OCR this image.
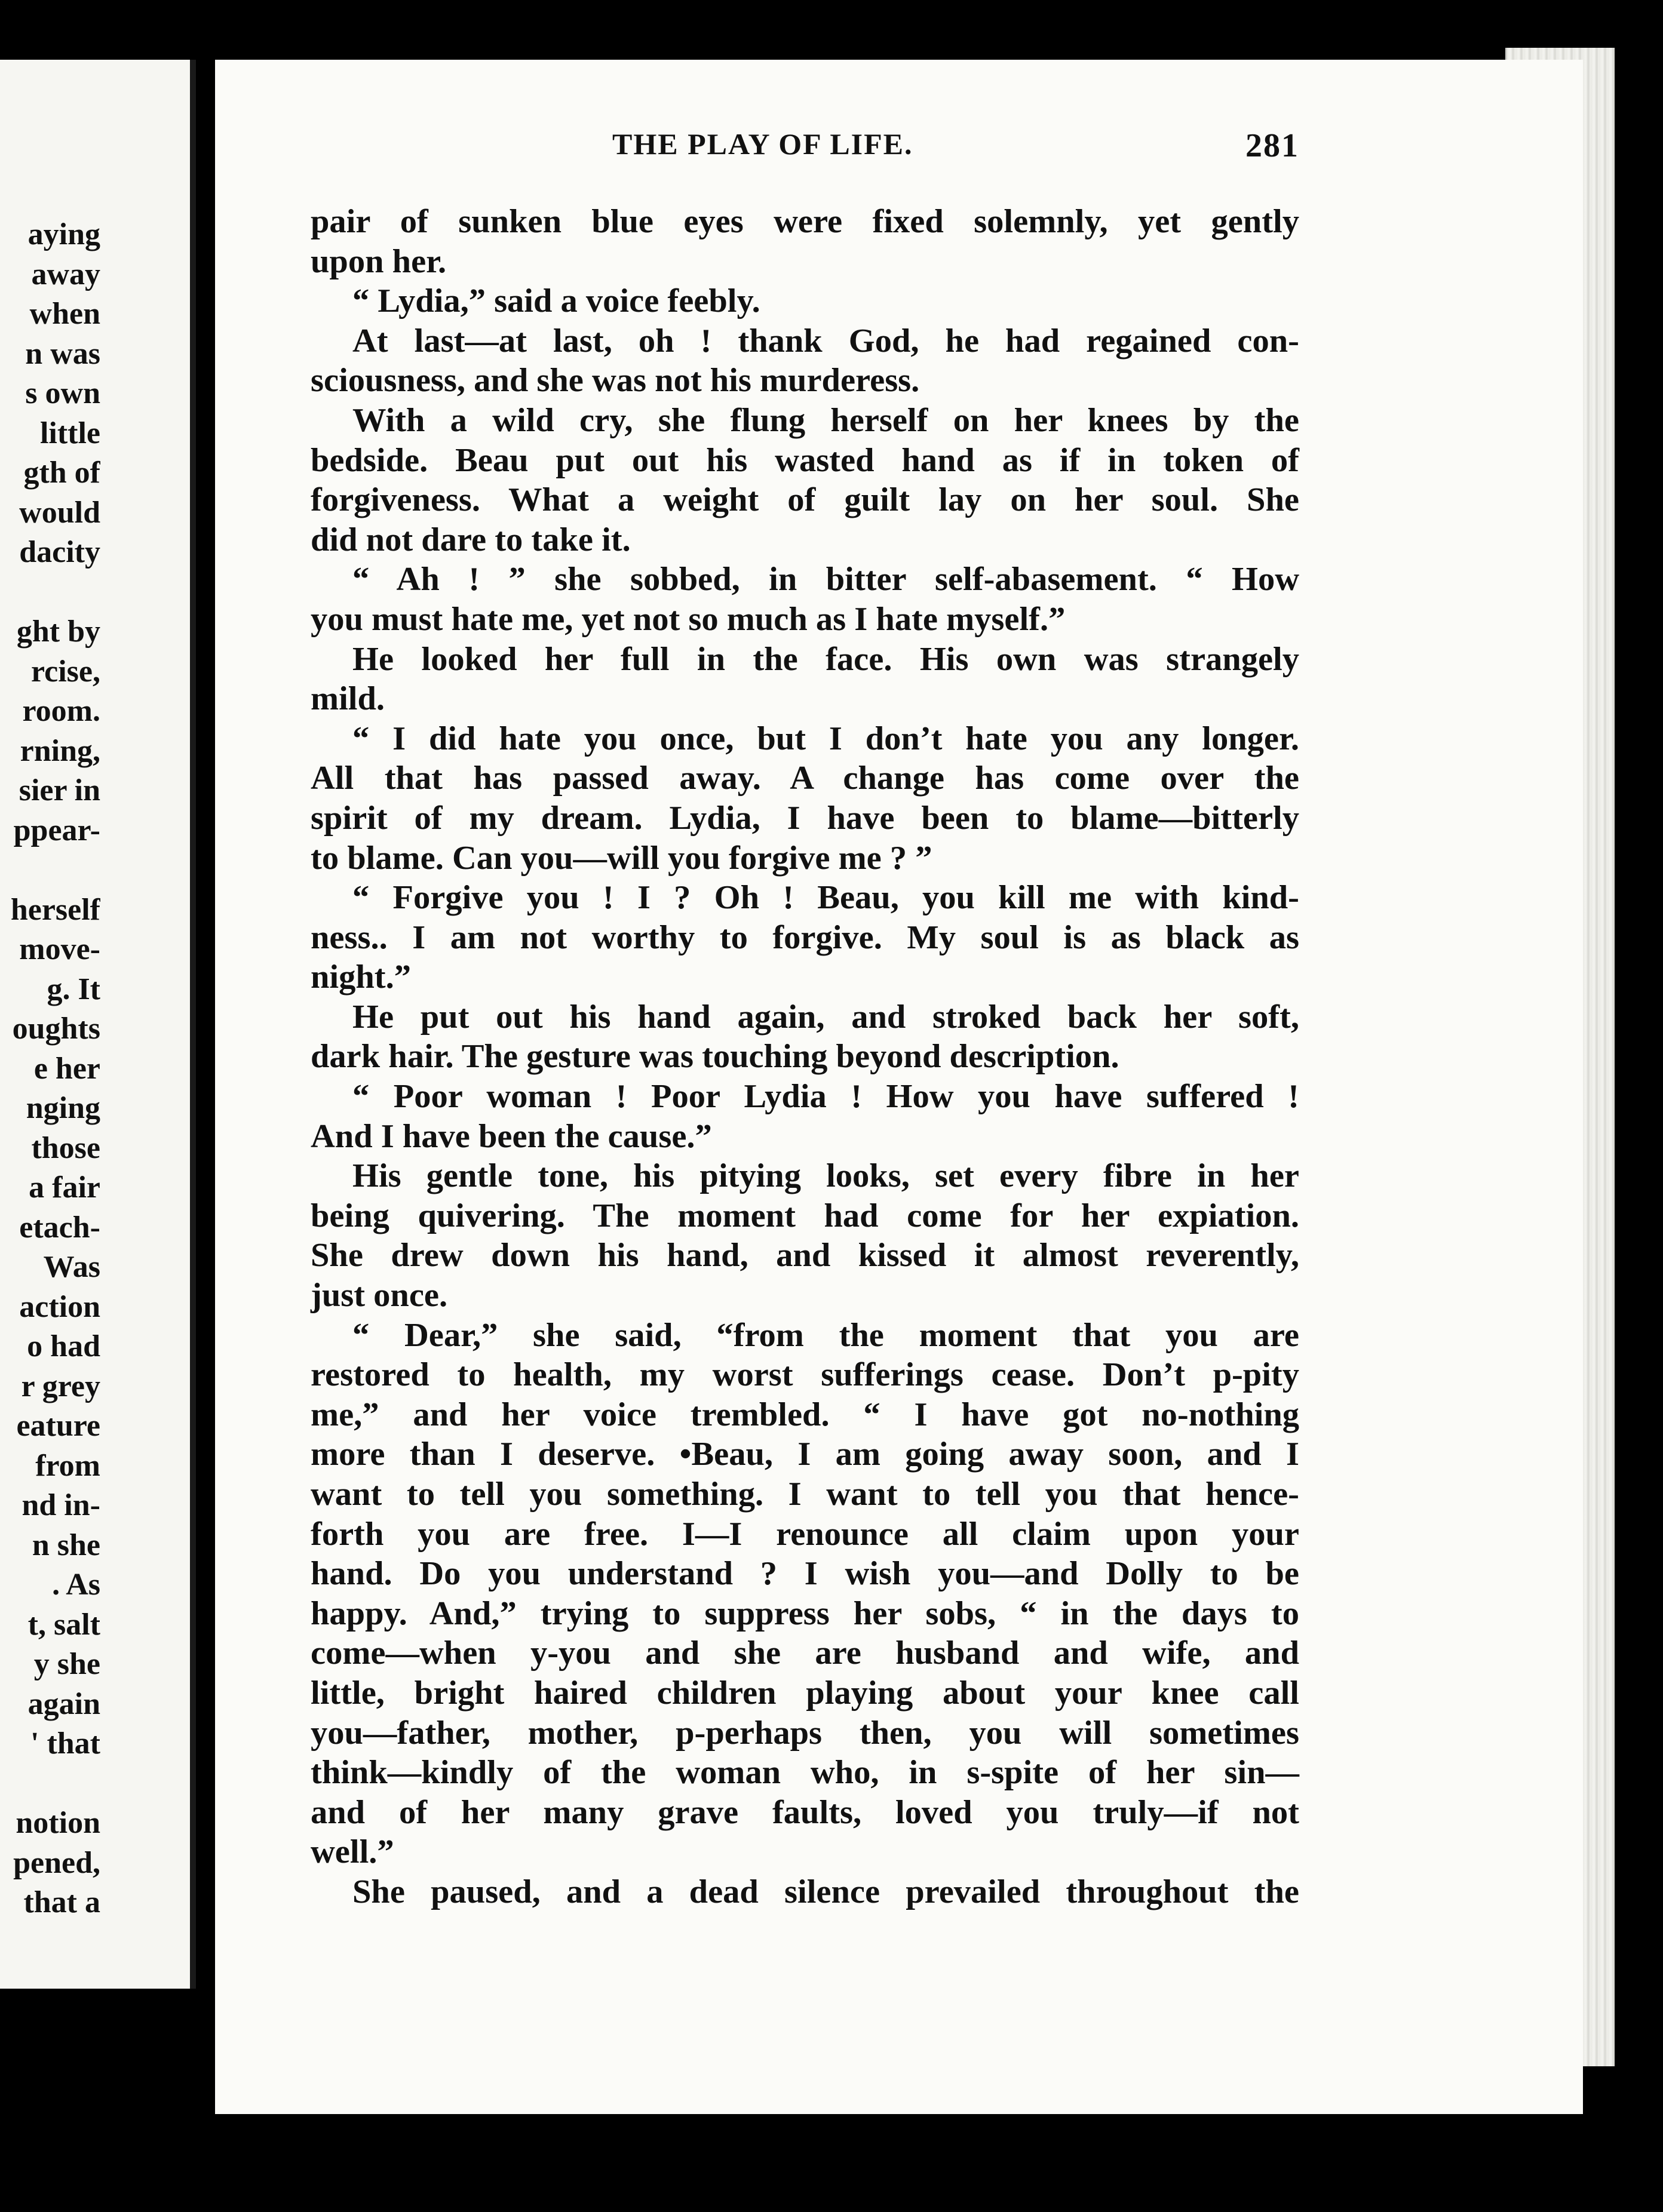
aying
away
when
n was
s own
little
gth of
would
dacity

ght by
rcise,
room.
rning,
sier in
ppear-

herself
move-
g. It
oughts
e her
nging
those
a fair
etach-
Was
action
o had
r grey
eature
from
nd in-
n she
. As
t, salt
y she
again
' that

notion
pened,
that a
THE PLAY OF LIFE.	281
pair of sunken blue eyes were fixed solemnly, yet gently
upon her.
“ Lydia,” said a voice feebly.
At last—at last, oh ! thank God, he had regained con-
sciousness, and she was not his murderess.
With a wild cry, she flung herself on her knees by the
bedside. Beau put out his wasted hand as if in token of
forgiveness. What a weight of guilt lay on her soul. She
did not dare to take it.
“ Ah ! ” she sobbed, in bitter self-abasement. “ How
you must hate me, yet not so much as I hate myself.”
He looked her full in the face. His own was strangely
mild.
“ I did hate you once, but I don’t hate you any longer.
All that has passed away. A change has come over the
spirit of my dream. Lydia, I have been to blame—bitterly
to blame. Can you—will you forgive me ? ”
“ Forgive you ! I ? Oh ! Beau, you kill me with kind-
ness.. I am not worthy to forgive. My soul is as black as
night.”
He put out his hand again, and stroked back her soft,
dark hair. The gesture was touching beyond description.
“ Poor woman ! Poor Lydia ! How you have suffered !
And I have been the cause.”
His gentle tone, his pitying looks, set every fibre in her
being quivering. The moment had come for her expiation.
She drew down his hand, and kissed it almost reverently,
just once.
“ Dear,” she said, “from the moment that you are
restored to health, my worst sufferings cease. Don’t p-pity
me,” and her voice trembled. “ I have got no-nothing
more than I deserve. •Beau, I am going away soon, and I
want to tell you something. I want to tell you that hence-
forth you are free. I—I renounce all claim upon your
hand. Do you understand ? I wish you—and Dolly to be
happy. And,” trying to suppress her sobs, “ in the days to
come—when y-you and she are husband and wife, and
little, bright haired children playing about your knee call
you—father, mother, p-perhaps then, you will sometimes
think—kindly of the woman who, in s-spite of her sin—
and of her many grave faults, loved you truly—if not
well.”
She paused, and a dead silence prevailed throughout the
